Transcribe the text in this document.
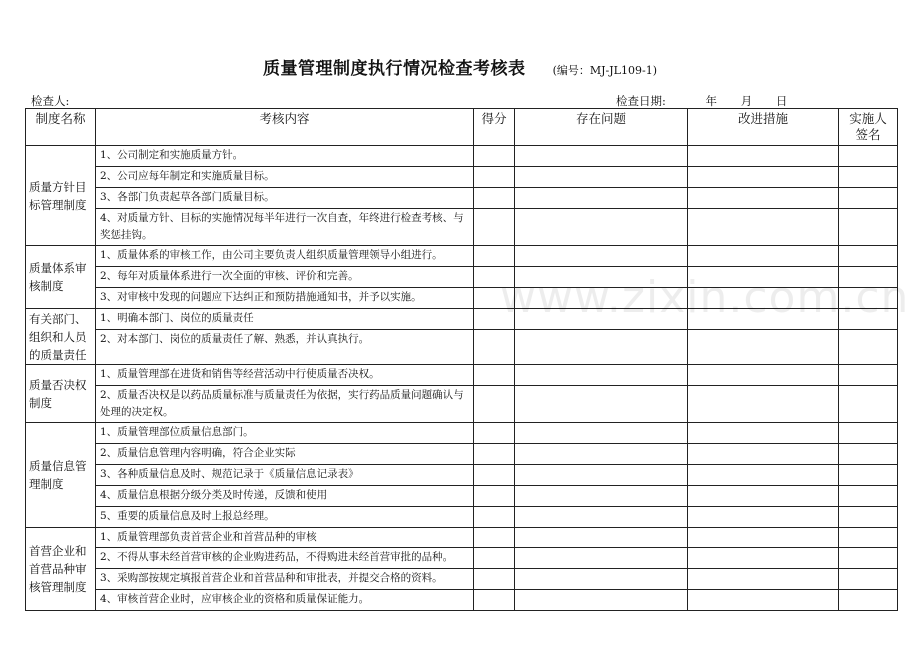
质量管理制度执行情况检查考核表 (编号：MJ-JL109-1)
检查人:	检查日期:	年 月 日
制度名称	考核内容	得分	存在问题	改进措施	实施人签名
质量方针目标管理制度	1、公司制定和实施质量方针。				
	2、公司应每年制定和实施质量目标。				
	3、各部门负责起草各部门质量目标。				
	4、对质量方针、目标的实施情况每半年进行一次自查，年终进行检查考核、与奖惩挂钩。				
质量体系审核制度	1、质量体系的审核工作，由公司主要负责人组织质量管理领导小组进行。				
	2、每年对质量体系进行一次全面的审核、评价和完善。				
	3、对审核中发现的问题应下达纠正和预防措施通知书，并予以实施。				
有关部门、组织和人员的质量责任	1、明确本部门、岗位的质量责任				
	2、对本部门、岗位的质量责任了解、熟悉，并认真执行。				
质量否决权制度	1、质量管理部在进货和销售等经营活动中行使质量否决权。				
	2、质量否决权是以药品质量标准与质量责任为依据，实行药品质量问题确认与处理的决定权。				
质量信息管理制度	1、质量管理部位质量信息部门。				
	2、质量信息管理内容明确，符合企业实际				
	3、各种质量信息及时、规范记录于《质量信息记录表》				
	4、质量信息根据分级分类及时传递，反馈和使用				
	5、重要的质量信息及时上报总经理。				
首营企业和首营品种审核管理制度	1、质量管理部负责首营企业和首营品种的审核				
	2、不得从事未经首营审核的企业购进药品，不得购进未经首营审批的品种。				
	3、采购部按规定填报首营企业和首营品种和审批表，并提交合格的资料。				
	4、审核首营企业时，应审核企业的资格和质量保证能力。				
www.zixin.com.cn
